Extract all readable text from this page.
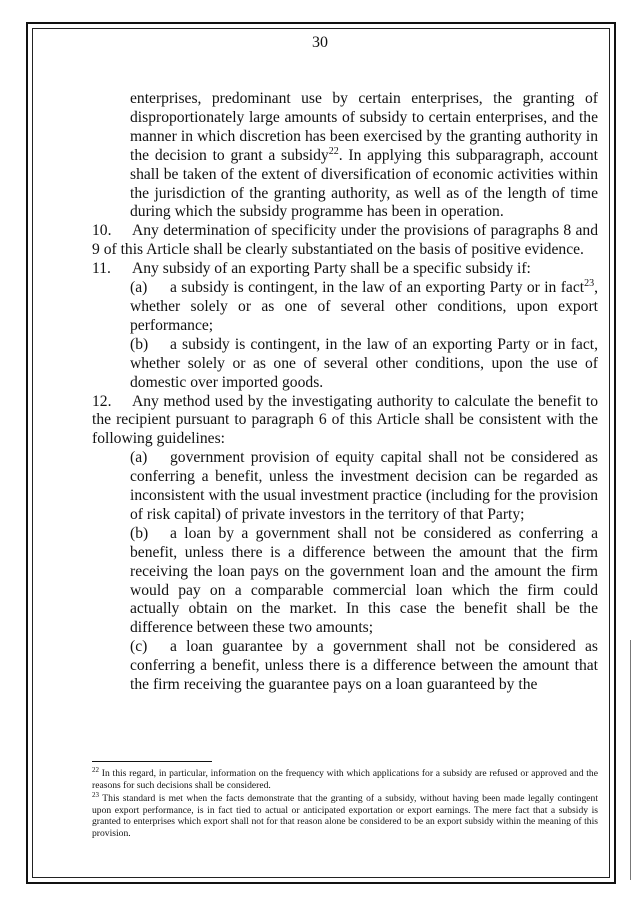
30

enterprises, predominant use by certain enterprises, the granting of disproportionately large amounts of subsidy to certain enterprises, and the manner in which discretion has been exercised by the granting authority in the decision to grant a subsidy$^{22}$. In applying this subparagraph, account shall be taken of the extent of diversification of economic activities within the jurisdiction of the granting authority, as well as of the length of time during which the subsidy programme has been in operation.

10. Any determination of specificity under the provisions of paragraphs 8 and 9 of this Article shall be clearly substantiated on the basis of positive evidence.

11. Any subsidy of an exporting Party shall be a specific subsidy if:

(a) a subsidy is contingent, in the law of an exporting Party or in fact$^{23}$, whether solely or as one of several other conditions, upon export performance;

(b) a subsidy is contingent, in the law of an exporting Party or in fact, whether solely or as one of several other conditions, upon the use of domestic over imported goods.

12. Any method used by the investigating authority to calculate the benefit to the recipient pursuant to paragraph 6 of this Article shall be consistent with the following guidelines:

(a) government provision of equity capital shall not be considered as conferring a benefit, unless the investment decision can be regarded as inconsistent with the usual investment practice (including for the provision of risk capital) of private investors in the territory of that Party;

(b) a loan by a government shall not be considered as conferring a benefit, unless there is a difference between the amount that the firm receiving the loan pays on the government loan and the amount the firm would pay on a comparable commercial loan which the firm could actually obtain on the market. In this case the benefit shall be the difference between these two amounts;

(c) a loan guarantee by a government shall not be considered as conferring a benefit, unless there is a difference between the amount that the firm receiving the guarantee pays on a loan guaranteed by the

$^{22}$ In this regard, in particular, information on the frequency with which applications for a subsidy are refused or approved and the reasons for such decisions shall be considered.

$^{23}$ This standard is met when the facts demonstrate that the granting of a subsidy, without having been made legally contingent upon export performance, is in fact tied to actual or anticipated exportation or export earnings. The mere fact that a subsidy is granted to enterprises which export shall not for that reason alone be considered to be an export subsidy within the meaning of this provision.
